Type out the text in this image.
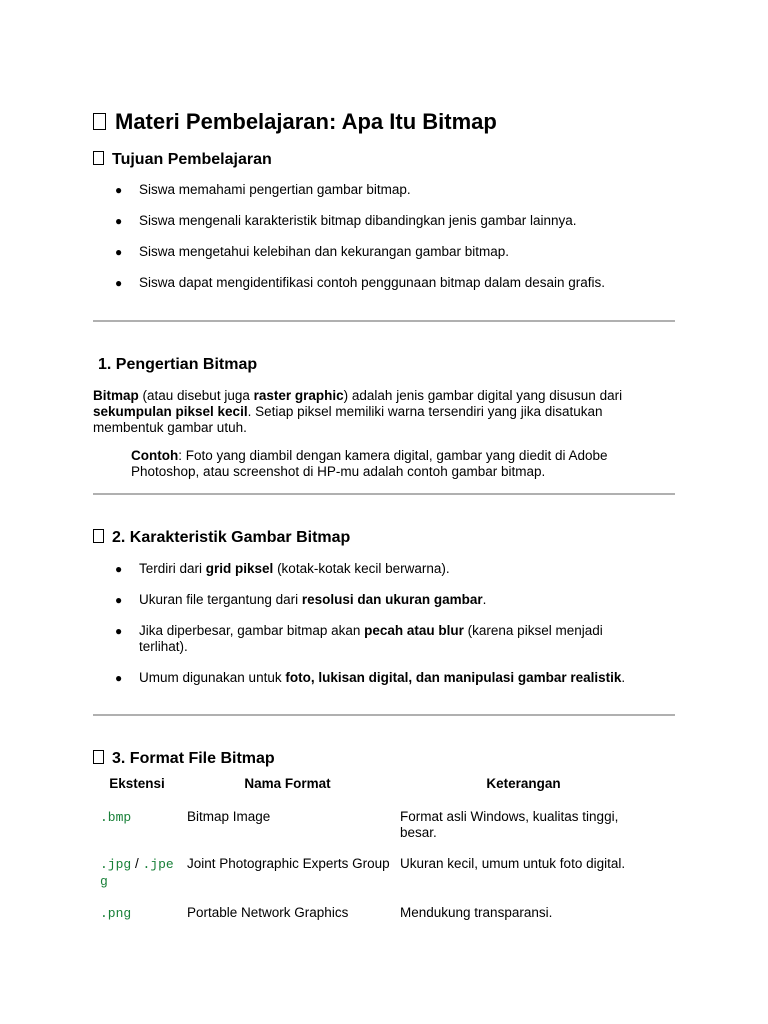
Materi Pembelajaran: Apa Itu Bitmap
Tujuan Pembelajaran
● Siswa memahami pengertian gambar bitmap.
● Siswa mengenali karakteristik bitmap dibandingkan jenis gambar lainnya.
● Siswa mengetahui kelebihan dan kekurangan gambar bitmap.
● Siswa dapat mengidentifikasi contoh penggunaan bitmap dalam desain grafis.
1. Pengertian Bitmap
Bitmap (atau disebut juga raster graphic) adalah jenis gambar digital yang disusun dari sekumpulan piksel kecil. Setiap piksel memiliki warna tersendiri yang jika disatukan membentuk gambar utuh.
Contoh: Foto yang diambil dengan kamera digital, gambar yang diedit di Adobe Photoshop, atau screenshot di HP-mu adalah contoh gambar bitmap.
2. Karakteristik Gambar Bitmap
● Terdiri dari grid piksel (kotak-kotak kecil berwarna).
● Ukuran file tergantung dari resolusi dan ukuran gambar.
● Jika diperbesar, gambar bitmap akan pecah atau blur (karena piksel menjadi terlihat).
● Umum digunakan untuk foto, lukisan digital, dan manipulasi gambar realistik.
3. Format File Bitmap
Ekstensi	Nama Format	Keterangan
.bmp	Bitmap Image	Format asli Windows, kualitas tinggi, besar.
.jpg / .jpeg	Joint Photographic Experts Group	Ukuran kecil, umum untuk foto digital.
.png	Portable Network Graphics	Mendukung transparansi.
